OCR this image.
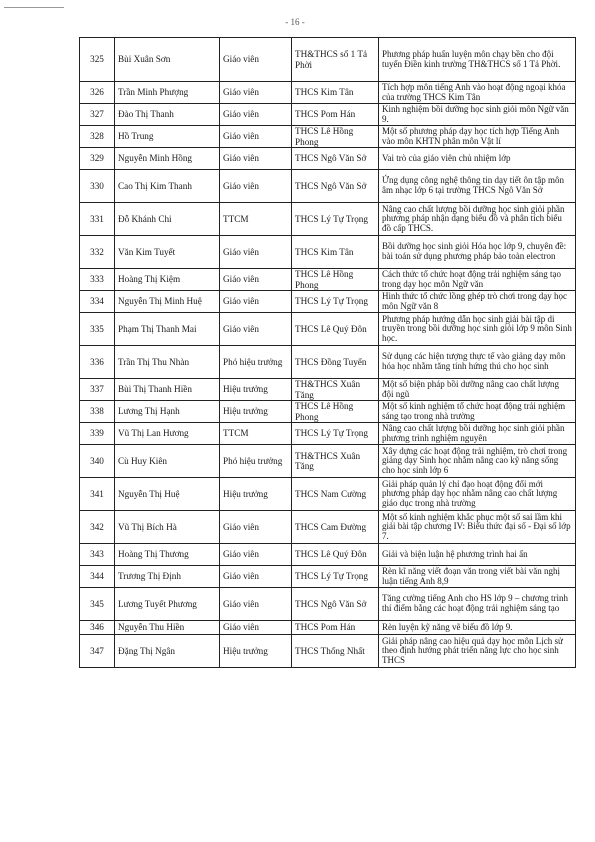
- 16 -
325	Bùi Xuân Sơn	Giáo viên	TH&THCS số 1 Tả Phời	Phương pháp huấn luyện môn chạy bền cho đội tuyển Điền kinh trường TH&THCS số 1 Tả Phời.
326	Trần Minh Phượng	Giáo viên	THCS Kim Tân	Tích hợp môn tiếng Anh vào hoạt động ngoại khóa của trường THCS Kim Tân
327	Đào Thị Thanh	Giáo viên	THCS Pom Hán	Kinh nghiệm bồi dưỡng học sinh giỏi môn Ngữ văn 9.
328	Hồ Trung	Giáo viên	THCS Lê Hồng Phong	Một số phương pháp dạy học tích hợp Tiếng Anh vào môn KHTN phân môn Vật lí
329	Nguyễn Minh Hồng	Giáo viên	THCS Ngô Văn Sở	Vai trò của giáo viên chủ nhiệm lớp
330	Cao Thị Kim Thanh	Giáo viên	THCS Ngô Văn Sở	Ứng dụng công nghệ thông tin dạy tiết ôn tập môn âm nhạc lớp 6 tại trường THCS Ngô Văn Sở
331	Đỗ Khánh Chi	TTCM	THCS Lý Tự Trọng	Nâng cao chất lượng bồi dưỡng học sinh giỏi phần phương pháp nhận dạng biểu đồ và phân tích biểu đồ cấp THCS.
332	Văn Kim Tuyết	Giáo viên	THCS Kim Tân	Bồi dưỡng học sinh giỏi Hóa học lớp 9, chuyên đề: bài toán sử dụng phương pháp bảo toàn electron
333	Hoàng Thị Kiệm	Giáo viên	THCS Lê Hồng Phong	Cách thức tổ chức hoạt động trải nghiệm sáng tạo trong dạy học môn Ngữ văn
334	Nguyễn Thị Minh Huệ	Giáo viên	THCS Lý Tự Trọng	Hình thức tổ chức lồng ghép trò chơi trong dạy học môn Ngữ văn 8
335	Phạm Thị Thanh Mai	Giáo viên	THCS Lê Quý Đôn	Phương pháp hướng dẫn học sinh giải bài tập di truyền trong bồi dưỡng học sinh giỏi lớp 9 môn Sinh học.
336	Trần Thị Thu Nhàn	Phó hiệu trưởng	THCS Đồng Tuyển	Sử dụng các hiện tượng thực tế vào giảng dạy môn hóa học nhằm tăng tính hứng thú cho học sinh
337	Bùi Thị Thanh Hiền	Hiệu trưởng	TH&THCS Xuân Tăng	Một số biện pháp bồi dưỡng nâng cao chất lượng đội ngũ
338	Lương Thị Hạnh	Hiệu trưởng	THCS Lê Hồng Phong	Một số kinh nghiệm tổ chức hoạt động trải nghiệm sáng tạo trong nhà trường
339	Vũ Thị Lan Hương	TTCM	THCS Lý Tự Trọng	Nâng cao chất lượng bồi dưỡng học sinh giỏi phần phương trình nghiệm nguyên
340	Cù Huy Kiên	Phó hiệu trưởng	TH&THCS Xuân Tăng	Xây dựng các hoạt động trải nghiệm, trò chơi trong giảng dạy Sinh học nhằm nâng cao kỹ năng sống cho học sinh lớp 6
341	Nguyễn Thị Huệ	Hiệu trưởng	THCS Nam Cường	Giải pháp quản lý chỉ đạo hoạt động đổi mới phương pháp dạy học nhằm nâng cao chất lượng giáo dục trong nhà trường
342	Vũ Thị Bích Hà	Giáo viên	THCS Cam Đường	Một số kinh nghiệm khắc phục một số sai lầm khi giải bài tập chương IV: Biểu thức đại số - Đại số lớp 7.
343	Hoàng Thị Thương	Giáo viên	THCS Lê Quý Đôn	Giải và biện luận hệ phương trình hai ẩn
344	Trương Thị Định	Giáo viên	THCS Lý Tự Trọng	Rèn kĩ năng viết đoạn văn trong viết bài văn nghị luận tiếng Anh 8,9
345	Lương Tuyết Phương	Giáo viên	THCS Ngô Văn Sở	Tăng cường tiếng Anh cho HS lớp 9 – chương trình thí điểm bằng các hoạt động trải nghiệm sáng tạo
346	Nguyễn Thu Hiền	Giáo viên	THCS Pom Hán	Rèn luyện kỹ năng vẽ biểu đồ lớp 9.
347	Đặng Thị Ngân	Hiệu trưởng	THCS Thống Nhất	Giải pháp nâng cao hiệu quả dạy học môn Lịch sử theo định hướng phát triển năng lực cho học sinh THCS
